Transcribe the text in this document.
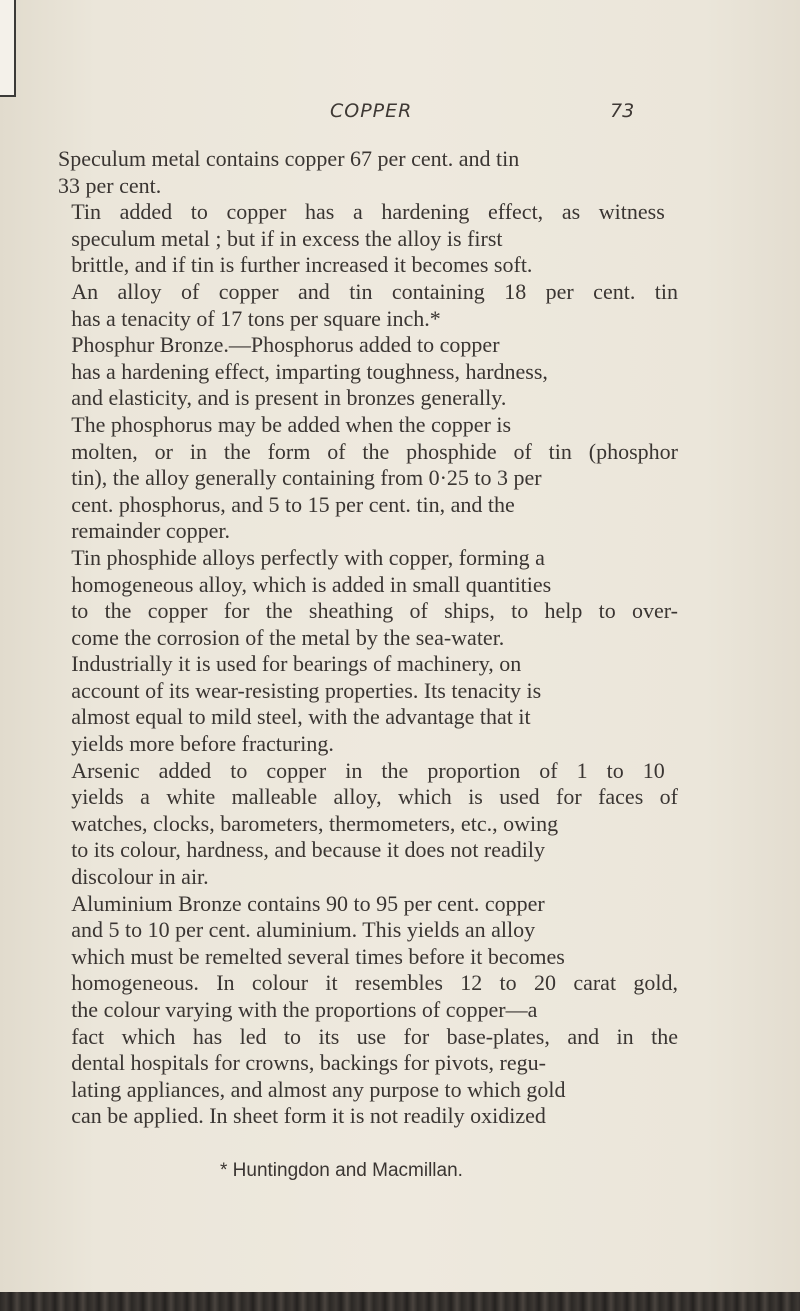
COPPER	73

Speculum metal contains copper 67 per cent. and tin
33 per cent.

Tin added to copper has a hardening effect, as witness
speculum metal ; but if in excess the alloy is first
brittle, and if tin is further increased it becomes soft.
An alloy of copper and tin containing 18 per cent. tin
has a tenacity of 17 tons per square inch.*

Phosphur Bronze.—Phosphorus added to copper
has a hardening effect, imparting toughness, hardness,
and elasticity, and is present in bronzes generally.
The phosphorus may be added when the copper is
molten, or in the form of the phosphide of tin (phosphor
tin), the alloy generally containing from 0·25 to 3 per
cent. phosphorus, and 5 to 15 per cent. tin, and the
remainder copper.

Tin phosphide alloys perfectly with copper, forming a
homogeneous alloy, which is added in small quantities
to the copper for the sheathing of ships, to help to over-
come the corrosion of the metal by the sea-water.
Industrially it is used for bearings of machinery, on
account of its wear-resisting properties. Its tenacity is
almost equal to mild steel, with the advantage that it
yields more before fracturing.

Arsenic added to copper in the proportion of 1 to 10
yields a white malleable alloy, which is used for faces of
watches, clocks, barometers, thermometers, etc., owing
to its colour, hardness, and because it does not readily
discolour in air.

Aluminium Bronze contains 90 to 95 per cent. copper
and 5 to 10 per cent. aluminium. This yields an alloy
which must be remelted several times before it becomes
homogeneous. In colour it resembles 12 to 20 carat gold,
the colour varying with the proportions of copper—a
fact which has led to its use for base-plates, and in the
dental hospitals for crowns, backings for pivots, regu-
lating appliances, and almost any purpose to which gold
can be applied. In sheet form it is not readily oxidized

* Huntingdon and Macmillan.
